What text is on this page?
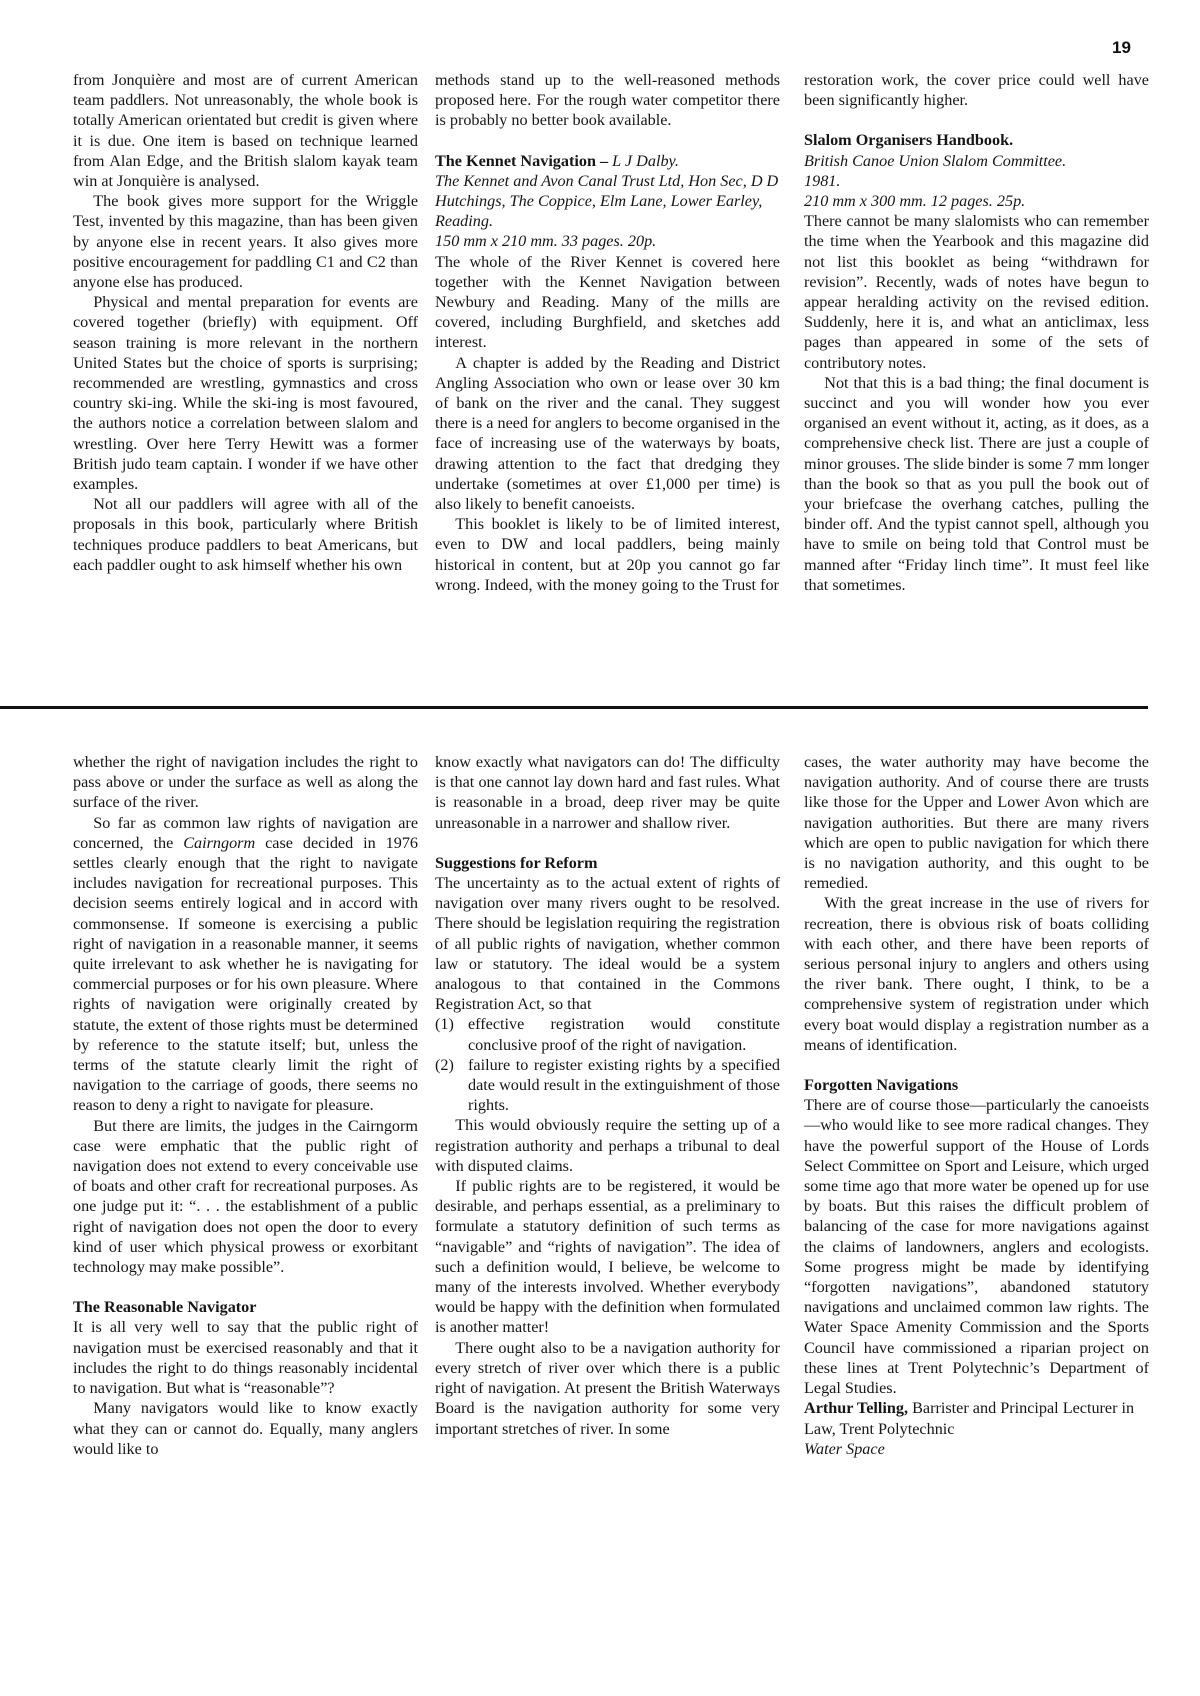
19

from Jonquière and most are of current American team paddlers. Not unreasonably, the whole book is totally American orientated but credit is given where it is due. One item is based on technique learned from Alan Edge, and the British slalom kayak team win at Jonquière is analysed.

The book gives more support for the Wriggle Test, invented by this magazine, than has been given by anyone else in recent years. It also gives more positive encouragement for paddling C1 and C2 than anyone else has produced.

Physical and mental preparation for events are covered together (briefly) with equipment. Off season training is more relevant in the northern United States but the choice of sports is surprising; recommended are wrestling, gymnastics and cross country ski-ing. While the ski-ing is most favoured, the authors notice a correlation between slalom and wrestling. Over here Terry Hewitt was a former British judo team captain. I wonder if we have other examples.

Not all our paddlers will agree with all of the proposals in this book, particularly where British techniques produce paddlers to beat Americans, but each paddler ought to ask himself whether his own

methods stand up to the well-reasoned methods proposed here. For the rough water competitor there is probably no better book available.

The Kennet Navigation – L J Dalby.

The Kennet and Avon Canal Trust Ltd, Hon Sec, D D Hutchings, The Coppice, Elm Lane, Lower Earley, Reading.

150 mm x 210 mm. 33 pages. 20p.

The whole of the River Kennet is covered here together with the Kennet Navigation between Newbury and Reading. Many of the mills are covered, including Burghfield, and sketches add interest.

A chapter is added by the Reading and District Angling Association who own or lease over 30 km of bank on the river and the canal. They suggest there is a need for anglers to become organised in the face of increasing use of the waterways by boats, drawing attention to the fact that dredging they undertake (sometimes at over £1,000 per time) is also likely to benefit canoeists.

This booklet is likely to be of limited interest, even to DW and local paddlers, being mainly historical in content, but at 20p you cannot go far wrong. Indeed, with the money going to the Trust for

restoration work, the cover price could well have been significantly higher.

Slalom Organisers Handbook.

British Canoe Union Slalom Committee.

1981.

210 mm x 300 mm. 12 pages. 25p.

There cannot be many slalomists who can remember the time when the Yearbook and this magazine did not list this booklet as being “withdrawn for revision”. Recently, wads of notes have begun to appear heralding activity on the revised edition. Suddenly, here it is, and what an anticlimax, less pages than appeared in some of the sets of contributory notes.

Not that this is a bad thing; the final document is succinct and you will wonder how you ever organised an event without it, acting, as it does, as a comprehensive check list. There are just a couple of minor grouses. The slide binder is some 7 mm longer than the book so that as you pull the book out of your briefcase the overhang catches, pulling the binder off. And the typist cannot spell, although you have to smile on being told that Control must be manned after “Friday linch time”. It must feel like that sometimes.

whether the right of navigation includes the right to pass above or under the surface as well as along the surface of the river.

So far as common law rights of navigation are concerned, the Cairngorm case decided in 1976 settles clearly enough that the right to navigate includes navigation for recreational purposes. This decision seems entirely logical and in accord with commonsense. If someone is exercising a public right of navigation in a reasonable manner, it seems quite irrelevant to ask whether he is navigating for commercial purposes or for his own pleasure. Where rights of navigation were originally created by statute, the extent of those rights must be determined by reference to the statute itself; but, unless the terms of the statute clearly limit the right of navigation to the carriage of goods, there seems no reason to deny a right to navigate for pleasure.

But there are limits, the judges in the Cairngorm case were emphatic that the public right of navigation does not extend to every conceivable use of boats and other craft for recreational purposes. As one judge put it: “. . . the establishment of a public right of navigation does not open the door to every kind of user which physical prowess or exorbitant technology may make possible”.

The Reasonable Navigator

It is all very well to say that the public right of navigation must be exercised reasonably and that it includes the right to do things reasonably incidental to navigation. But what is “reasonable”?

Many navigators would like to know exactly what they can or cannot do. Equally, many anglers would like to

know exactly what navigators can do! The difficulty is that one cannot lay down hard and fast rules. What is reasonable in a broad, deep river may be quite unreasonable in a narrower and shallow river.

Suggestions for Reform

The uncertainty as to the actual extent of rights of navigation over many rivers ought to be resolved. There should be legislation requiring the registration of all public rights of navigation, whether common law or statutory. The ideal would be a system analogous to that contained in the Commons Registration Act, so that

(1) effective registration would constitute conclusive proof of the right of navigation.
(2) failure to register existing rights by a specified date would result in the extinguishment of those rights.

This would obviously require the setting up of a registration authority and perhaps a tribunal to deal with disputed claims.

If public rights are to be registered, it would be desirable, and perhaps essential, as a preliminary to formulate a statutory definition of such terms as “navigable” and “rights of navigation”. The idea of such a definition would, I believe, be welcome to many of the interests involved. Whether everybody would be happy with the definition when formulated is another matter!

There ought also to be a navigation authority for every stretch of river over which there is a public right of navigation. At present the British Waterways Board is the navigation authority for some very important stretches of river. In some

cases, the water authority may have become the navigation authority. And of course there are trusts like those for the Upper and Lower Avon which are navigation authorities. But there are many rivers which are open to public navigation for which there is no navigation authority, and this ought to be remedied.

With the great increase in the use of rivers for recreation, there is obvious risk of boats colliding with each other, and there have been reports of serious personal injury to anglers and others using the river bank. There ought, I think, to be a comprehensive system of registration under which every boat would display a registration number as a means of identification.

Forgotten Navigations

There are of course those—particularly the canoeists—who would like to see more radical changes. They have the powerful support of the House of Lords Select Committee on Sport and Leisure, which urged some time ago that more water be opened up for use by boats. But this raises the difficult problem of balancing of the case for more navigations against the claims of landowners, anglers and ecologists. Some progress might be made by identifying “forgotten navigations”, abandoned statutory navigations and unclaimed common law rights. The Water Space Amenity Commission and the Sports Council have commissioned a riparian project on these lines at Trent Polytechnic’s Department of Legal Studies.

Arthur Telling, Barrister and Principal Lecturer in Law, Trent Polytechnic

Water Space
